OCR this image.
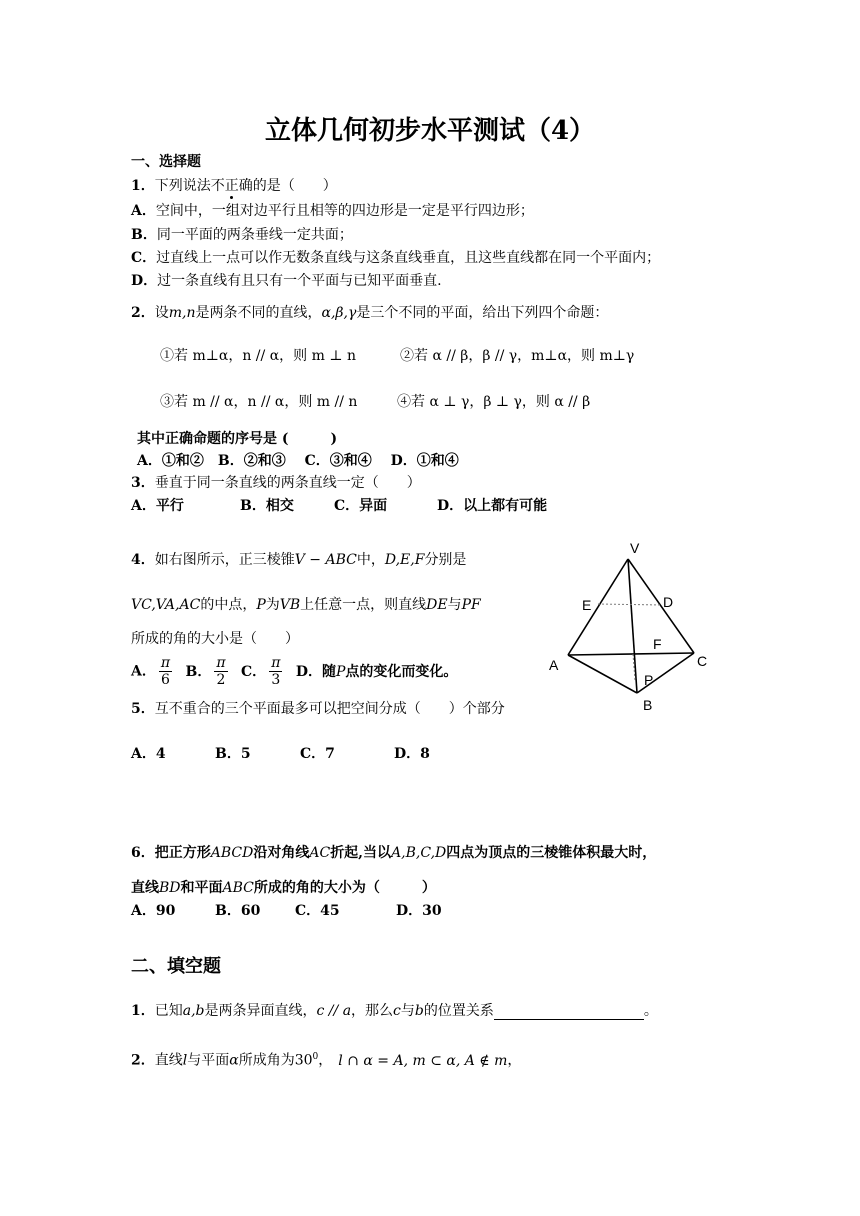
立体几何初步水平测试（4）
一、选择题
1．下列说法不正确的是（　　）
A．空间中，一组对边平行且相等的四边形是一定是平行四边形；
B．同一平面的两条垂线一定共面；
C．过直线上一点可以作无数条直线与这条直线垂直，且这些直线都在同一个平面内；
D．过一条直线有且只有一个平面与已知平面垂直.
2．设m,n是两条不同的直线，α,β,γ是三个不同的平面，给出下列四个命题：
①若 m⊥α，n // α，则 m ⊥ n	②若 α // β，β // γ，m⊥α，则 m⊥γ
③若 m // α，n // α，则 m // n	④若 α ⊥ γ，β ⊥ γ，则 α // β
其中正确命题的序号是 (　　　)
A．①和②　B．②和③　 C．③和④　 D．①和④
3．垂直于同一条直线的两条直线一定（　　）
A．平行	B．相交	C．异面	D．以上都有可能
4．如右图所示，正三棱锥V − ABC中，D,E,F分别是
VC,VA,AC的中点，P为VB上任意一点，则直线DE与PF
所成的角的大小是（　　）
A． $\frac{\pi}{6}$ B． $\frac{\pi}{2}$ C． $\frac{\pi}{3}$ D．随P点的变化而变化。
V
E	D
F
A	C
P
B
5．互不重合的三个平面最多可以把空间分成（　　）个部分
A．4	B．5	C．7	D．8
6．把正方形ABCD沿对角线AC折起,当以A,B,C,D四点为顶点的三棱锥体积最大时，
直线BD和平面ABC所成的角的大小为（　　　）
A．90	B．60 C．45	D．30
二、填空题
1．已知a,b是两条异面直线，c // a，那么c与b的位置关系	。
2．直线l与平面α所成角为$30^0$， l ∩ α = A, m ⊂ α, A ∉ m，
